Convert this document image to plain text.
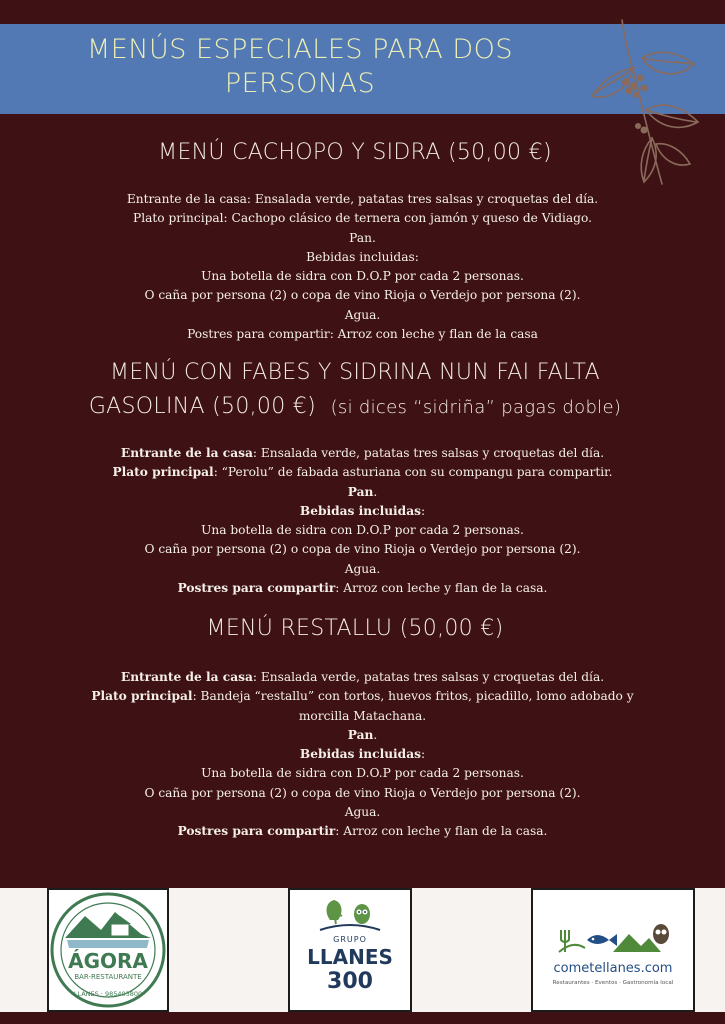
MENÚS ESPECIALES PARA DOS PERSONAS
MENÚ CACHOPO Y SIDRA (50,00 €)
Entrante de la casa: Ensalada verde, patatas tres salsas y croquetas del día.
Plato principal: Cachopo clásico de ternera con jamón y queso de Vidiago.
Pan.
Bebidas incluidas:
Una botella de sidra con D.O.P por cada 2 personas.
O caña por persona (2) o copa de vino Rioja o Verdejo por persona (2).
Agua.
Postres para compartir: Arroz con leche y flan de la casa
MENÚ CON FABES Y SIDRINA NUN FAI FALTA
GASOLINA (50,00 €) (si dices “sidriña” pagas doble)
Entrante de la casa: Ensalada verde, patatas tres salsas y croquetas del día.
Plato principal: “Perolu” de fabada asturiana con su compangu para compartir.
Pan.
Bebidas incluidas:
Una botella de sidra con D.O.P por cada 2 personas.
O caña por persona (2) o copa de vino Rioja o Verdejo por persona (2).
Agua.
Postres para compartir: Arroz con leche y flan de la casa.
MENÚ RESTALLU (50,00 €)
Entrante de la casa: Ensalada verde, patatas tres salsas y croquetas del día.
Plato principal: Bandeja “restallu” con tortos, huevos fritos, picadillo, lomo adobado y morcilla Matachana.
Pan.
Bebidas incluidas:
Una botella de sidra con D.O.P por cada 2 personas.
O caña por persona (2) o copa de vino Rioja o Verdejo por persona (2).
Agua.
Postres para compartir: Arroz con leche y flan de la casa.
ÁGORA
BAR-RESTAURANTE
LLANES · 985403800
GRUPO
LLANES
300
cometellanes.com
Restaurantes · Eventos · Gastronomía local
